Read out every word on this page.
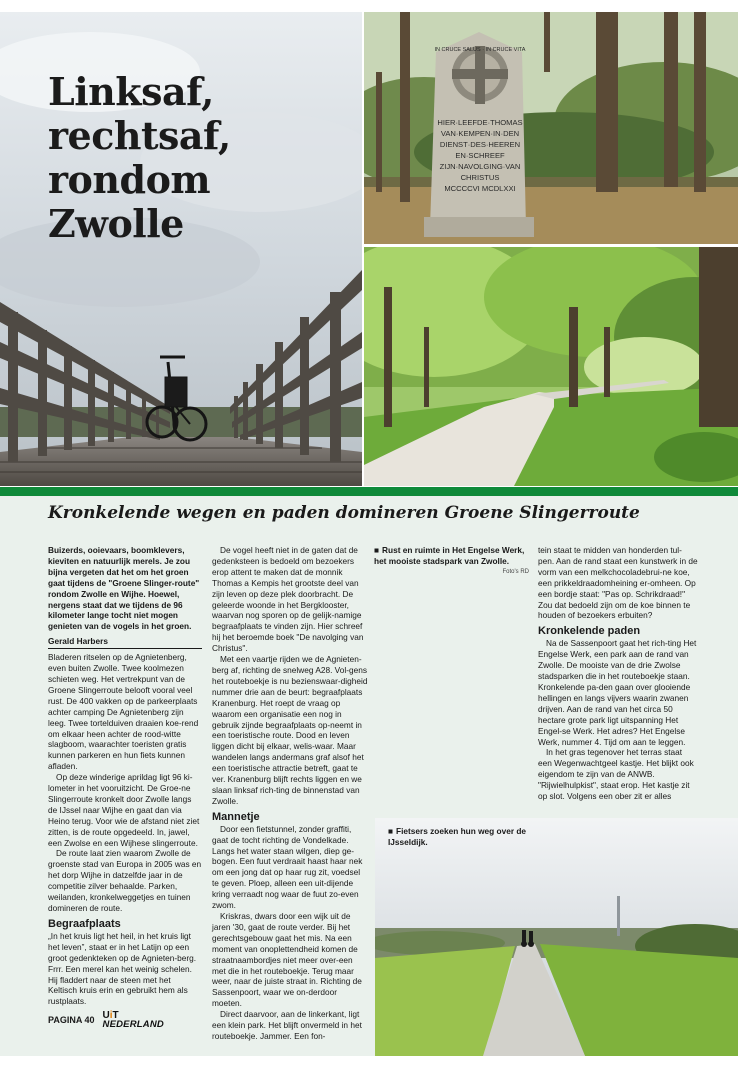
Linksaf,
rechtsaf,
rondom
Zwolle
IN CRUCE SALUS · IN CRUCE VITA
HIER·LEEFDE·THOMAS
VAN·KEMPEN·IN·DEN
DIENST·DES·HEEREN
EN·SCHREEF
ZIJN·NAVOLGING·VAN
CHRISTUS
MCCCCVI MCDLXXI
Kronkelende wegen en paden domineren Groene Slingerroute

Buizerds, ooievaars, boomklevers, kieviten en natuurlijk merels. Je zou bijna vergeten dat het om het groen gaat tijdens de "Groene Slinger-route" rondom Zwolle en Wijhe. Hoewel, nergens staat dat we tijdens de 96 kilometer lange tocht niet mogen genieten van de vogels in het groen.

Gerald Harbers

Bladeren ritselen op de Agnietenberg, even buiten Zwolle. Twee koolmezen schieten weg. Het vertrekpunt van de Groene Slingerroute belooft vooral veel rust. De 400 vakken op de parkeerplaats achter camping De Agnietenberg zijn leeg. Twee tortelduiven draaien koe-rend om elkaar heen achter de rood-witte slagboom, waarachter toeristen gratis kunnen parkeren en hun fiets kunnen afladen.

Op deze winderige aprildag ligt 96 ki-lometer in het vooruitzicht. De Groe-ne Slingerroute kronkelt door Zwolle langs de IJssel naar Wijhe en gaat dan via Heino terug. Voor wie de afstand niet ziet zitten, is de route opgedeeld. In, jawel, een Zwolse en een Wijhese slingerroute.

De route laat zien waarom Zwolle de groenste stad van Europa in 2005 was en het dorp Wijhe in datzelfde jaar in de competitie zilver behaalde. Parken, weilanden, kronkelweggetjes en tuinen domineren de route.

Begraafplaats

„In het kruis ligt het heil, in het kruis ligt het leven”, staat er in het Latijn op een groot gedenkteken op de Agnieten-berg. Frrr. Een merel kan het weinig schelen. Hij fladdert naar de steen met het Keltisch kruis erin en gebruikt hem als rustplaats.

De vogel heeft niet in de gaten dat de gedenksteen is bedoeld om bezoekers erop attent te maken dat de monnik Thomas a Kempis het grootste deel van zijn leven op deze plek doorbracht. De geleerde woonde in het Bergklooster, waarvan nog sporen op de gelijk-namige begraafplaats te vinden zijn. Hier schreef hij het beroemde boek "De navolging van Christus".

Met een vaartje rijden we de Agnieten-berg af, richting de snelweg A28. Vol-gens het routeboekje is nu bezienswaar-digheid nummer drie aan de beurt: begraafplaats Kranenburg. Het roept de vraag op waarom een organisatie een nog in gebruik zijnde begraafplaats op-neemt in een toeristische route. Dood en leven liggen dicht bij elkaar, welis-waar. Maar wandelen langs andermans graf alsof het een toeristische attractie betreft, gaat te ver. Kranenburg blijft rechts liggen en we slaan linksaf rich-ting de binnenstad van Zwolle.

Mannetje

Door een fietstunnel, zonder graffiti, gaat de tocht richting de Vondelkade. Langs het water staan wilgen, diep ge-bogen. Een fuut verdraait haast haar nek om een jong dat op haar rug zit, voedsel te geven. Ploep, alleen een uit-dijende kring verraadt nog waar de fuut zo-even zwom.

Kriskras, dwars door een wijk uit de jaren '30, gaat de route verder. Bij het gerechtsgebouw gaat het mis. Na een moment van onoplettendheid komen de straatnaambordjes niet meer over-een met die in het routeboekje. Terug maar weer, naar de juiste straat in. Richting de Sassenpoort, waar we on-derdoor moeten.

Direct daarvoor, aan de linkerkant, ligt een klein park. Het blijft onvermeld in het routeboekje. Jammer. Een fon-

■ Rust en ruimte in Het Engelse Werk, het mooiste stadspark van Zwolle.

Foto's RD

tein staat te midden van honderden tul-pen. Aan de rand staat een kunstwerk in de vorm van een melkchocoladebrui-ne koe, een prikkeldraadomheining er-omheen. Op een bordje staat: "Pas op. Schrikdraad!" Zou dat bedoeld zijn om de koe binnen te houden of bezoekers erbuiten?

Kronkelende paden

Na de Sassenpoort gaat het rich-ting Het Engelse Werk, een park aan de rand van Zwolle. De mooiste van de drie Zwolse stadsparken die in het routeboekje staan. Kronkelende pa-den gaan over glooiende hellingen en langs vijvers waarin zwanen drijven. Aan de rand van het circa 50 hectare grote park ligt uitspanning Het Engel-se Werk. Het adres? Het Engelse Werk, nummer 4. Tijd om aan te leggen.

In het gras tegenover het terras staat een Wegenwachtgeel kastje. Het blijkt ook eigendom te zijn van de ANWB. "Rijwielhulpkist", staat erop. Het kastje zit op slot. Volgens een ober zit er alles

■ Fietsers zoeken hun weg over de IJsseldijk.

PAGINA 40 UiT
NEDERLAND
